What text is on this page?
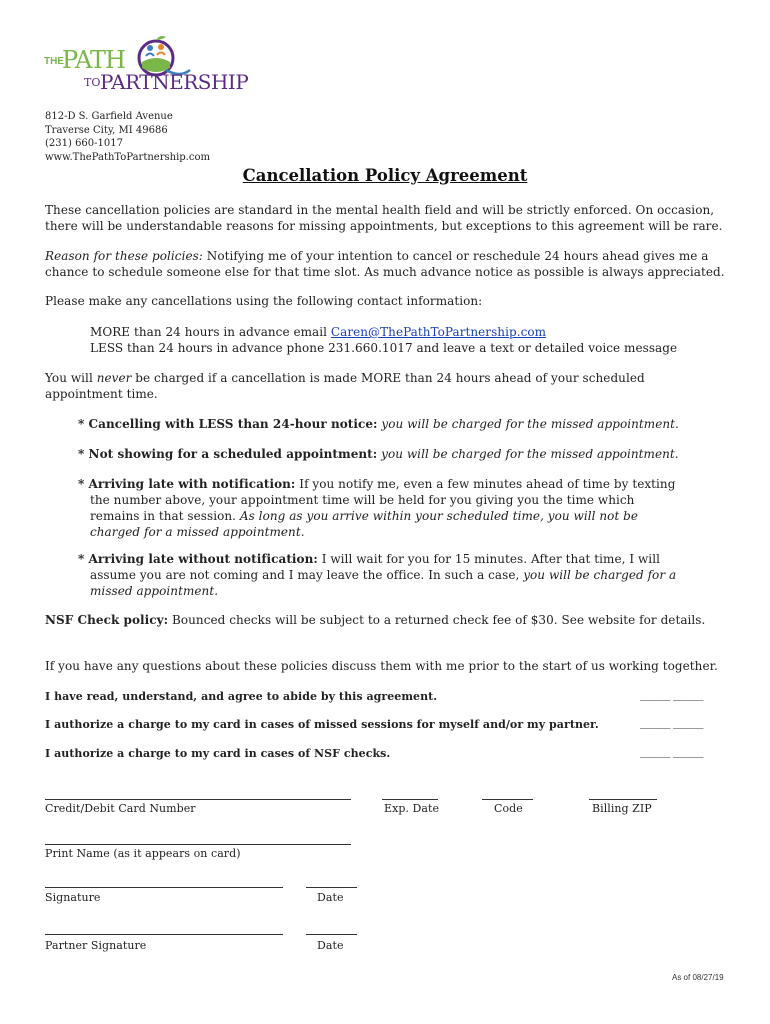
THE
PATH
TO PARTNERSHIP
812-D S. Garfield Avenue
Traverse City, MI 49686
(231) 660-1017
www.ThePathToPartnership.com
Cancellation Policy Agreement
These cancellation policies are standard in the mental health field and will be strictly enforced. On occasion,
there will be understandable reasons for missing appointments, but exceptions to this agreement will be rare.
Reason for these policies: Notifying me of your intention to cancel or reschedule 24 hours ahead gives me a
chance to schedule someone else for that time slot. As much advance notice as possible is always appreciated.
Please make any cancellations using the following contact information:
MORE than 24 hours in advance email Caren@ThePathToPartnership.com
LESS than 24 hours in advance phone 231.660.1017 and leave a text or detailed voice message
You will never be charged if a cancellation is made MORE than 24 hours ahead of your scheduled
appointment time.
* Cancelling with LESS than 24-hour notice: you will be charged for the missed appointment.
* Not showing for a scheduled appointment: you will be charged for the missed appointment.
* Arriving late with notification: If you notify me, even a few minutes ahead of time by texting
the number above, your appointment time will be held for you giving you the time which
remains in that session. As long as you arrive within your scheduled time, you will not be
charged for a missed appointment.
* Arriving late without notification: I will wait for you for 15 minutes. After that time, I will
assume you are not coming and I may leave the office. In such a case, you will be charged for a
missed appointment.
NSF Check policy: Bounced checks will be subject to a returned check fee of $30. See website for details.
If you have any questions about these policies discuss them with me prior to the start of us working together.
I have read, understand, and agree to abide by this agreement.	______ ______
I authorize a charge to my card in cases of missed sessions for myself and/or my partner.	______ ______
I authorize a charge to my card in cases of NSF checks.	______ ______
Credit/Debit Card Number	Exp. Date	Code	Billing ZIP
Print Name (as it appears on card)
Signature	Date
Partner Signature	Date
As of 08/27/19
